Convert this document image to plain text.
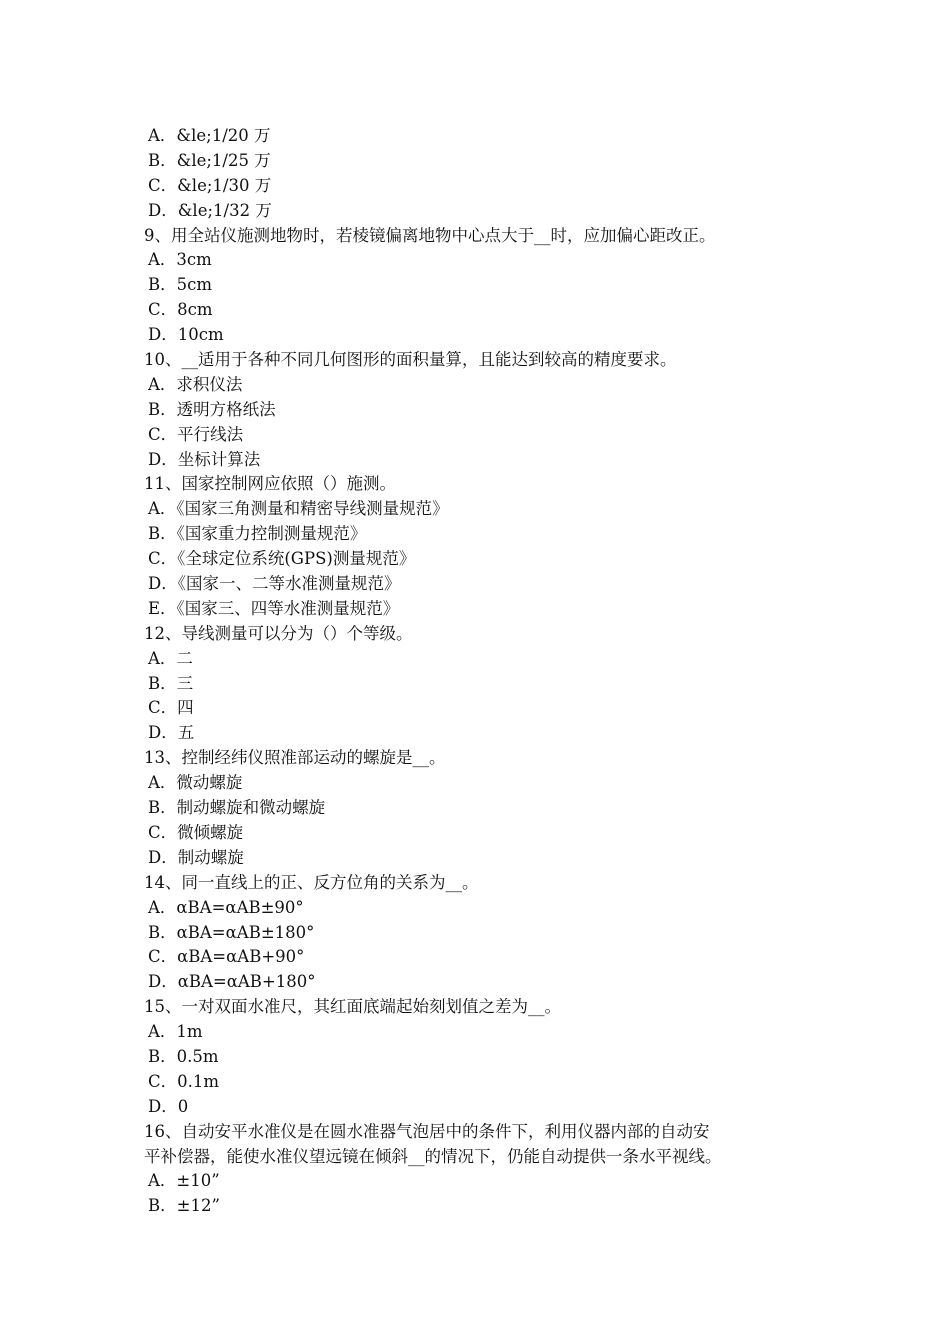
A．&le;1/20 万
B．&le;1/25 万
C．&le;1/30 万
D．&le;1/32 万
9、用全站仪施测地物时，若棱镜偏离地物中心点大于__时，应加偏心距改正。
A．3cm
B．5cm
C．8cm
D．10cm
10、__适用于各种不同几何图形的面积量算，且能达到较高的精度要求。
A．求积仪法
B．透明方格纸法
C．平行线法
D．坐标计算法
11、国家控制网应依照（）施测。
A．《国家三角测量和精密导线测量规范》
B．《国家重力控制测量规范》
C．《全球定位系统(GPS)测量规范》
D．《国家一、二等水准测量规范》
E．《国家三、四等水准测量规范》
12、导线测量可以分为（）个等级。
A．二
B．三
C．四
D．五
13、控制经纬仪照准部运动的螺旋是__。
A．微动螺旋
B．制动螺旋和微动螺旋
C．微倾螺旋
D．制动螺旋
14、同一直线上的正、反方位角的关系为__。
A．αBA=αAB±90°
B．αBA=αAB±180°
C．αBA=αAB+90°
D．αBA=αAB+180°
15、一对双面水准尺，其红面底端起始刻划值之差为__。
A．1m
B．0.5m
C．0.1m
D．0
16、自动安平水准仪是在圆水准器气泡居中的条件下，利用仪器内部的自动安
平补偿器，能使水准仪望远镜在倾斜__的情况下，仍能自动提供一条水平视线。
A．±10”
B．±12”
